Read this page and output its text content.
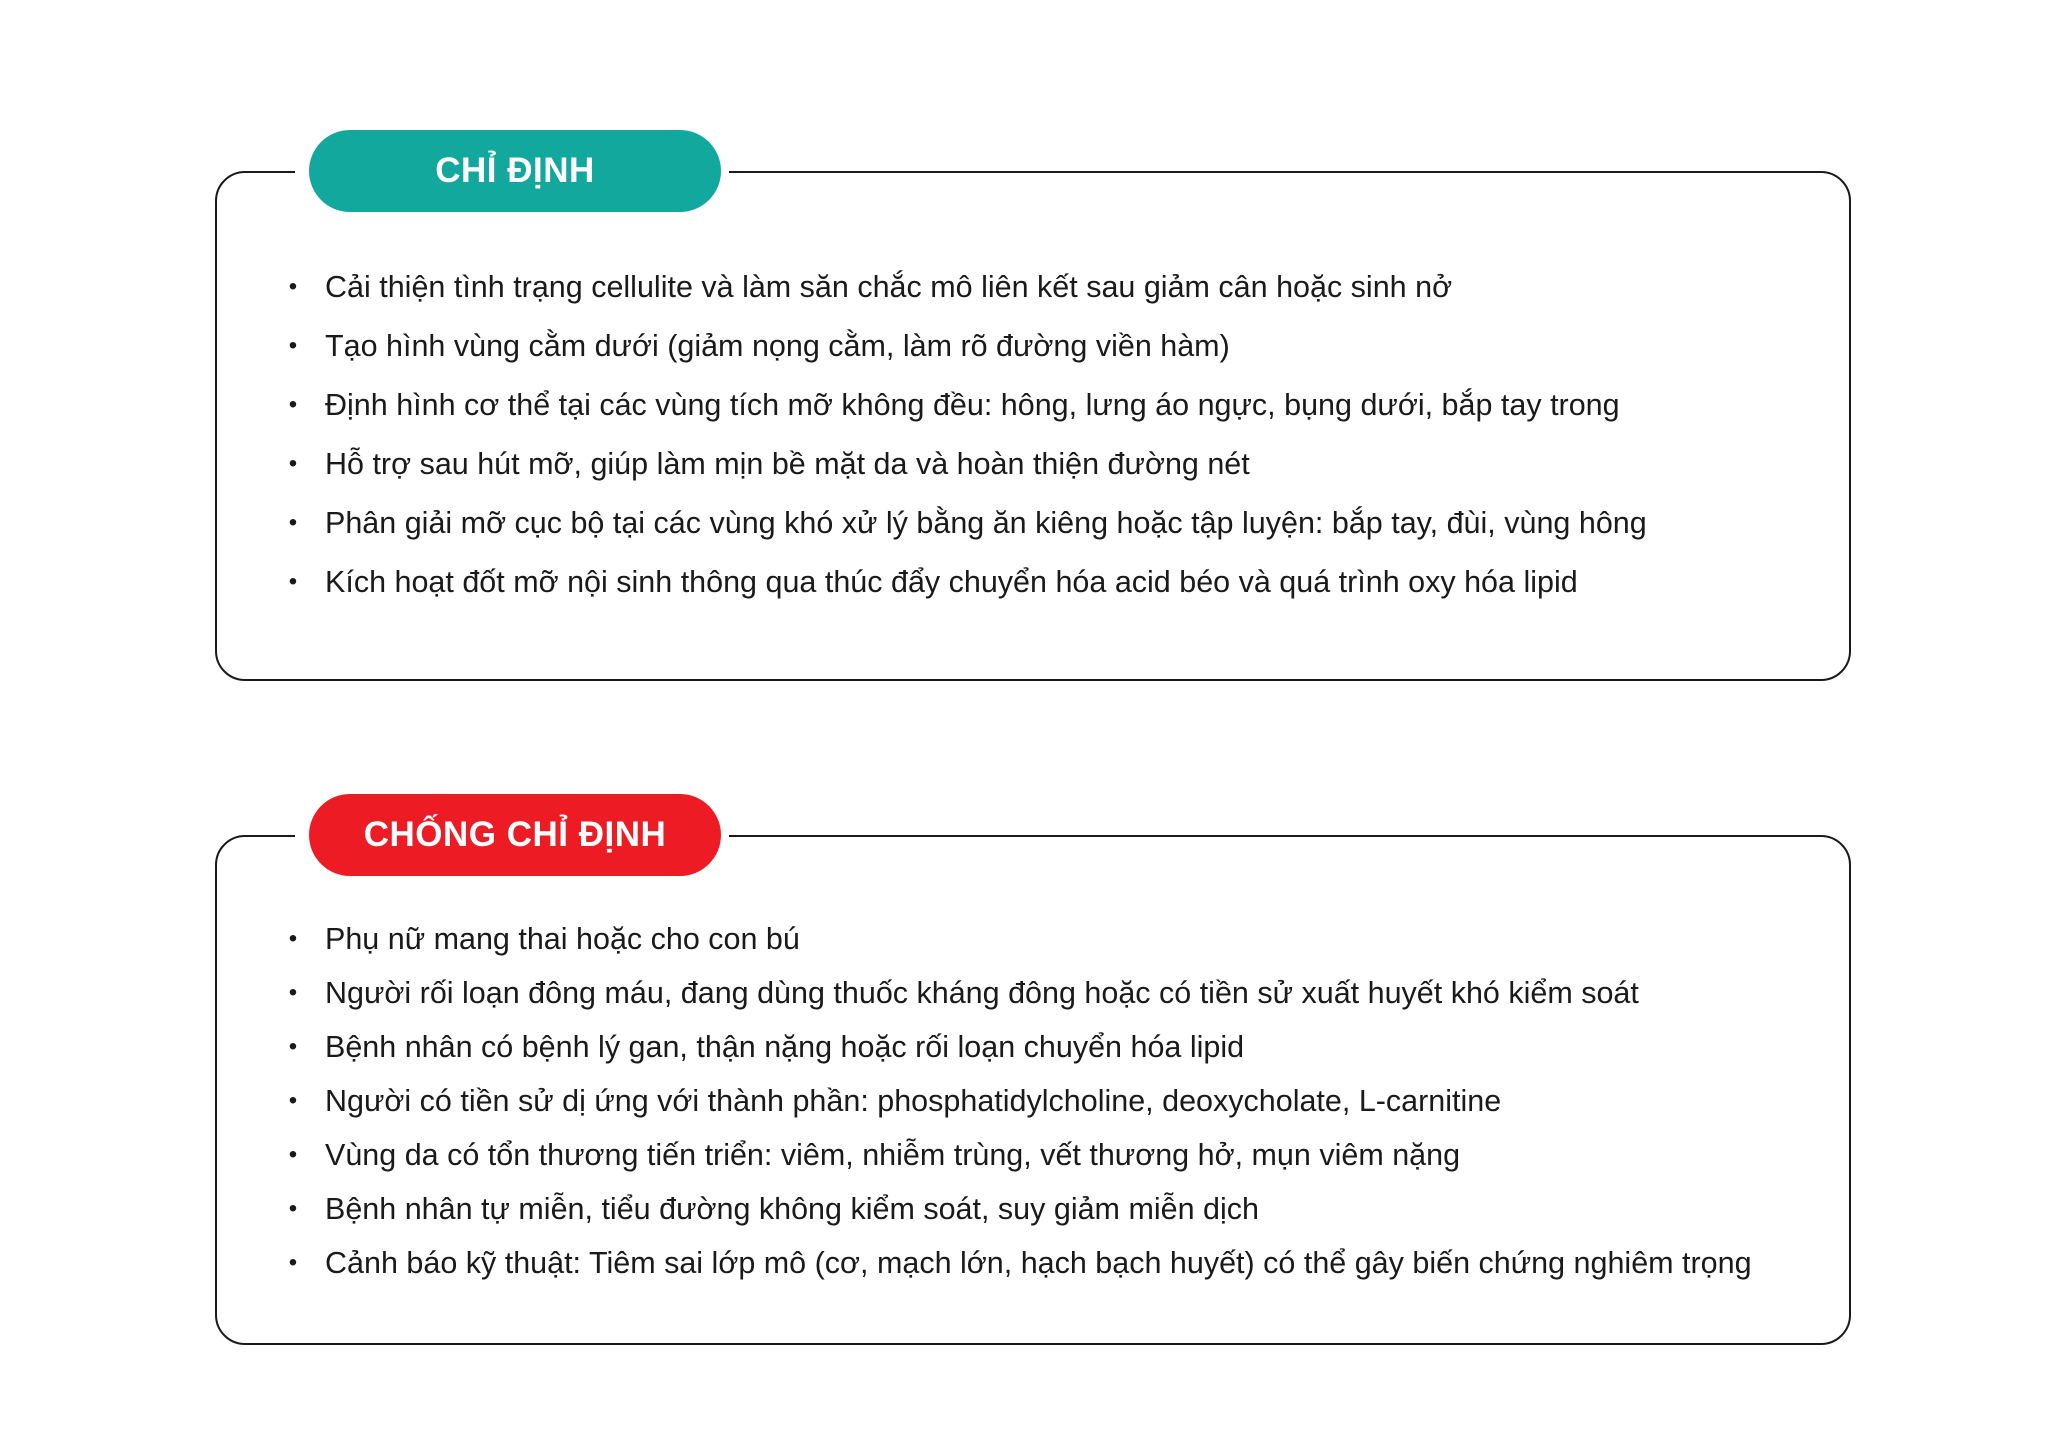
CHỈ ĐỊNH
• Cải thiện tình trạng cellulite và làm săn chắc mô liên kết sau giảm cân hoặc sinh nở
• Tạo hình vùng cằm dưới (giảm nọng cằm, làm rõ đường viền hàm)
• Định hình cơ thể tại các vùng tích mỡ không đều: hông, lưng áo ngực, bụng dưới, bắp tay trong
• Hỗ trợ sau hút mỡ, giúp làm mịn bề mặt da và hoàn thiện đường nét
• Phân giải mỡ cục bộ tại các vùng khó xử lý bằng ăn kiêng hoặc tập luyện: bắp tay, đùi, vùng hông
• Kích hoạt đốt mỡ nội sinh thông qua thúc đẩy chuyển hóa acid béo và quá trình oxy hóa lipid
CHỐNG CHỈ ĐỊNH
• Phụ nữ mang thai hoặc cho con bú
• Người rối loạn đông máu, đang dùng thuốc kháng đông hoặc có tiền sử xuất huyết khó kiểm soát
• Bệnh nhân có bệnh lý gan, thận nặng hoặc rối loạn chuyển hóa lipid
• Người có tiền sử dị ứng với thành phần: phosphatidylcholine, deoxycholate, L-carnitine
• Vùng da có tổn thương tiến triển: viêm, nhiễm trùng, vết thương hở, mụn viêm nặng
• Bệnh nhân tự miễn, tiểu đường không kiểm soát, suy giảm miễn dịch
• Cảnh báo kỹ thuật: Tiêm sai lớp mô (cơ, mạch lớn, hạch bạch huyết) có thể gây biến chứng nghiêm trọng
